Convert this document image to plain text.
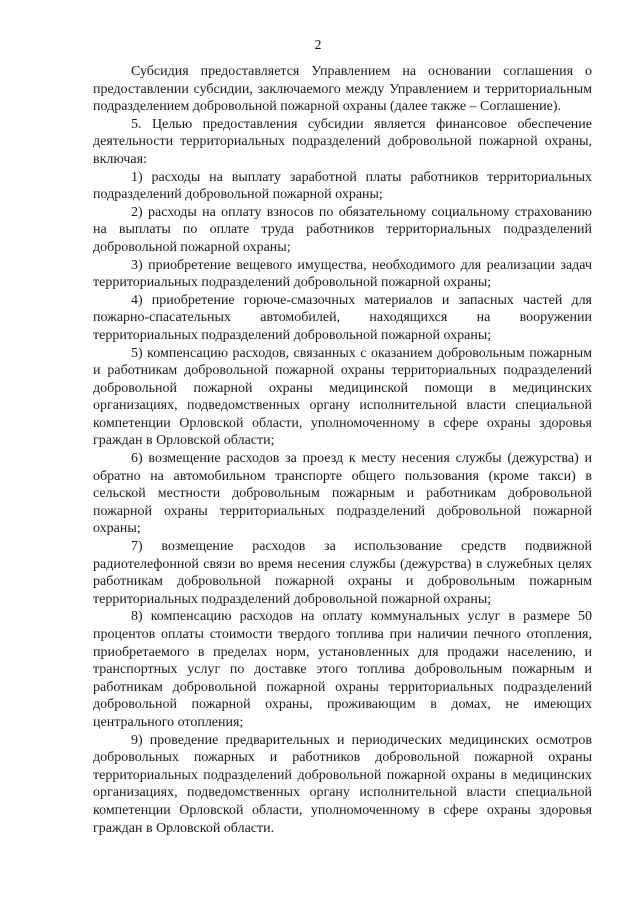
2

Субсидия предоставляется Управлением на основании соглашения о предоставлении субсидии, заключаемого между Управлением и территориальным подразделением добровольной пожарной охраны (далее также – Соглашение).

5. Целью предоставления субсидии является финансовое обеспечение деятельности территориальных подразделений добровольной пожарной охраны, включая:

1) расходы на выплату заработной платы работников территориальных подразделений добровольной пожарной охраны;

2) расходы на оплату взносов по обязательному социальному страхованию на выплаты по оплате труда работников территориальных подразделений добровольной пожарной охраны;

3) приобретение вещевого имущества, необходимого для реализации задач территориальных подразделений добровольной пожарной охраны;

4) приобретение горюче-смазочных материалов и запасных частей для пожарно-спасательных автомобилей, находящихся на вооружении территориальных подразделений добровольной пожарной охраны;

5) компенсацию расходов, связанных с оказанием добровольным пожарным и работникам добровольной пожарной охраны территориальных подразделений добровольной пожарной охраны медицинской помощи в медицинских организациях, подведомственных органу исполнительной власти специальной компетенции Орловской области, уполномоченному в сфере охраны здоровья граждан в Орловской области;

6) возмещение расходов за проезд к месту несения службы (дежурства) и обратно на автомобильном транспорте общего пользования (кроме такси) в сельской местности добровольным пожарным и работникам добровольной пожарной охраны территориальных подразделений добровольной пожарной охраны;

7) возмещение расходов за использование средств подвижной радиотелефонной связи во время несения службы (дежурства) в служебных целях работникам добровольной пожарной охраны и добровольным пожарным территориальных подразделений добровольной пожарной охраны;

8) компенсацию расходов на оплату коммунальных услуг в размере 50 процентов оплаты стоимости твердого топлива при наличии печного отопления, приобретаемого в пределах норм, установленных для продажи населению, и транспортных услуг по доставке этого топлива добровольным пожарным и работникам добровольной пожарной охраны территориальных подразделений добровольной пожарной охраны, проживающим в домах, не имеющих центрального отопления;

9) проведение предварительных и периодических медицинских осмотров добровольных пожарных и работников добровольной пожарной охраны территориальных подразделений добровольной пожарной охраны в медицинских организациях, подведомственных органу исполнительной власти специальной компетенции Орловской области, уполномоченному в сфере охраны здоровья граждан в Орловской области.
